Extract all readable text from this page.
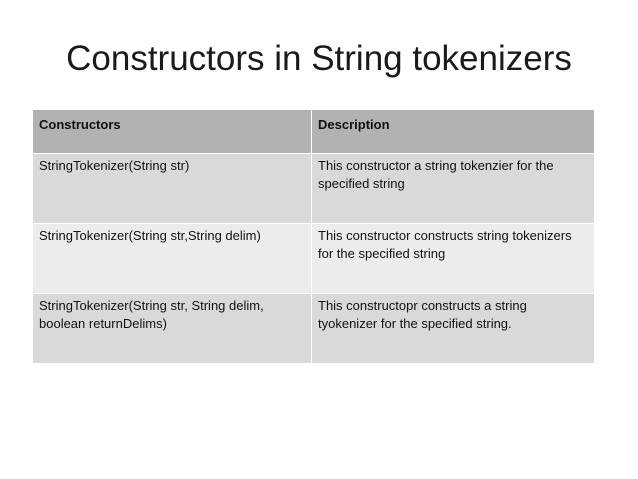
Constructors in String tokenizers
Constructors	Description
StringTokenizer(String str)	This constructor a string tokenzier for the specified string
StringTokenizer(String str,String delim)	This constructor constructs string tokenizers for the specified string
StringTokenizer(String str, String delim, boolean returnDelims)	This constructopr constructs a string tyokenizer for the specified string.
